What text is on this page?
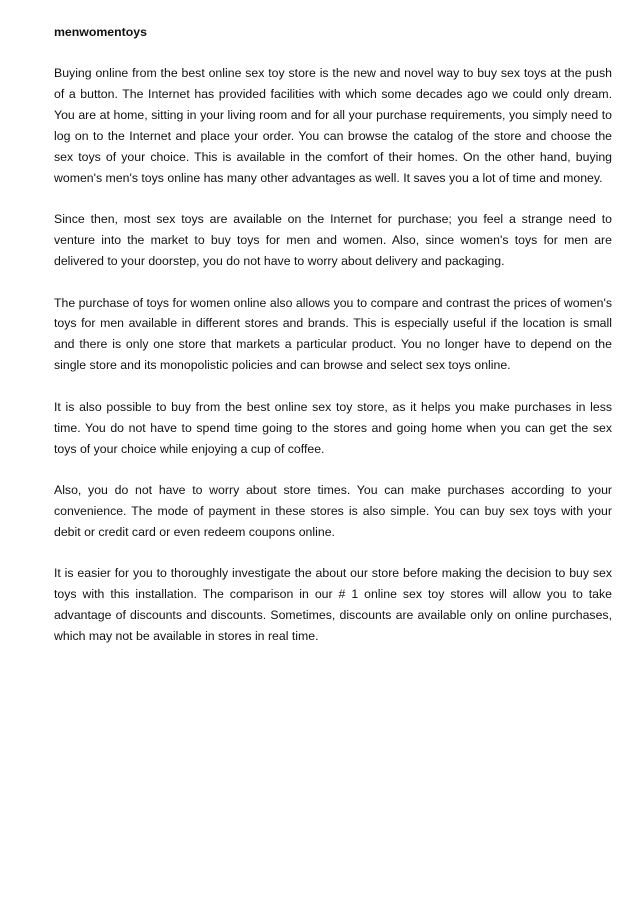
menwomentoys

Buying online from the best online sex toy store is the new and novel way to buy sex toys at the push of a button. The Internet has provided facilities with which some decades ago we could only dream. You are at home, sitting in your living room and for all your purchase requirements, you simply need to log on to the Internet and place your order. You can browse the catalog of the store and choose the sex toys of your choice. This is available in the comfort of their homes. On the other hand, buying women's men's toys online has many other advantages as well. It saves you a lot of time and money.

Since then, most sex toys are available on the Internet for purchase; you feel a strange need to venture into the market to buy toys for men and women. Also, since women's toys for men are delivered to your doorstep, you do not have to worry about delivery and packaging.

The purchase of toys for women online also allows you to compare and contrast the prices of women's toys for men available in different stores and brands. This is especially useful if the location is small and there is only one store that markets a particular product. You no longer have to depend on the single store and its monopolistic policies and can browse and select sex toys online.

It is also possible to buy from the best online sex toy store, as it helps you make purchases in less time. You do not have to spend time going to the stores and going home when you can get the sex toys of your choice while enjoying a cup of coffee.

Also, you do not have to worry about store times. You can make purchases according to your convenience. The mode of payment in these stores is also simple. You can buy sex toys with your debit or credit card or even redeem coupons online.

It is easier for you to thoroughly investigate the about our store before making the decision to buy sex toys with this installation. The comparison in our # 1 online sex toy stores will allow you to take advantage of discounts and discounts. Sometimes, discounts are available only on online purchases, which may not be available in stores in real time.
